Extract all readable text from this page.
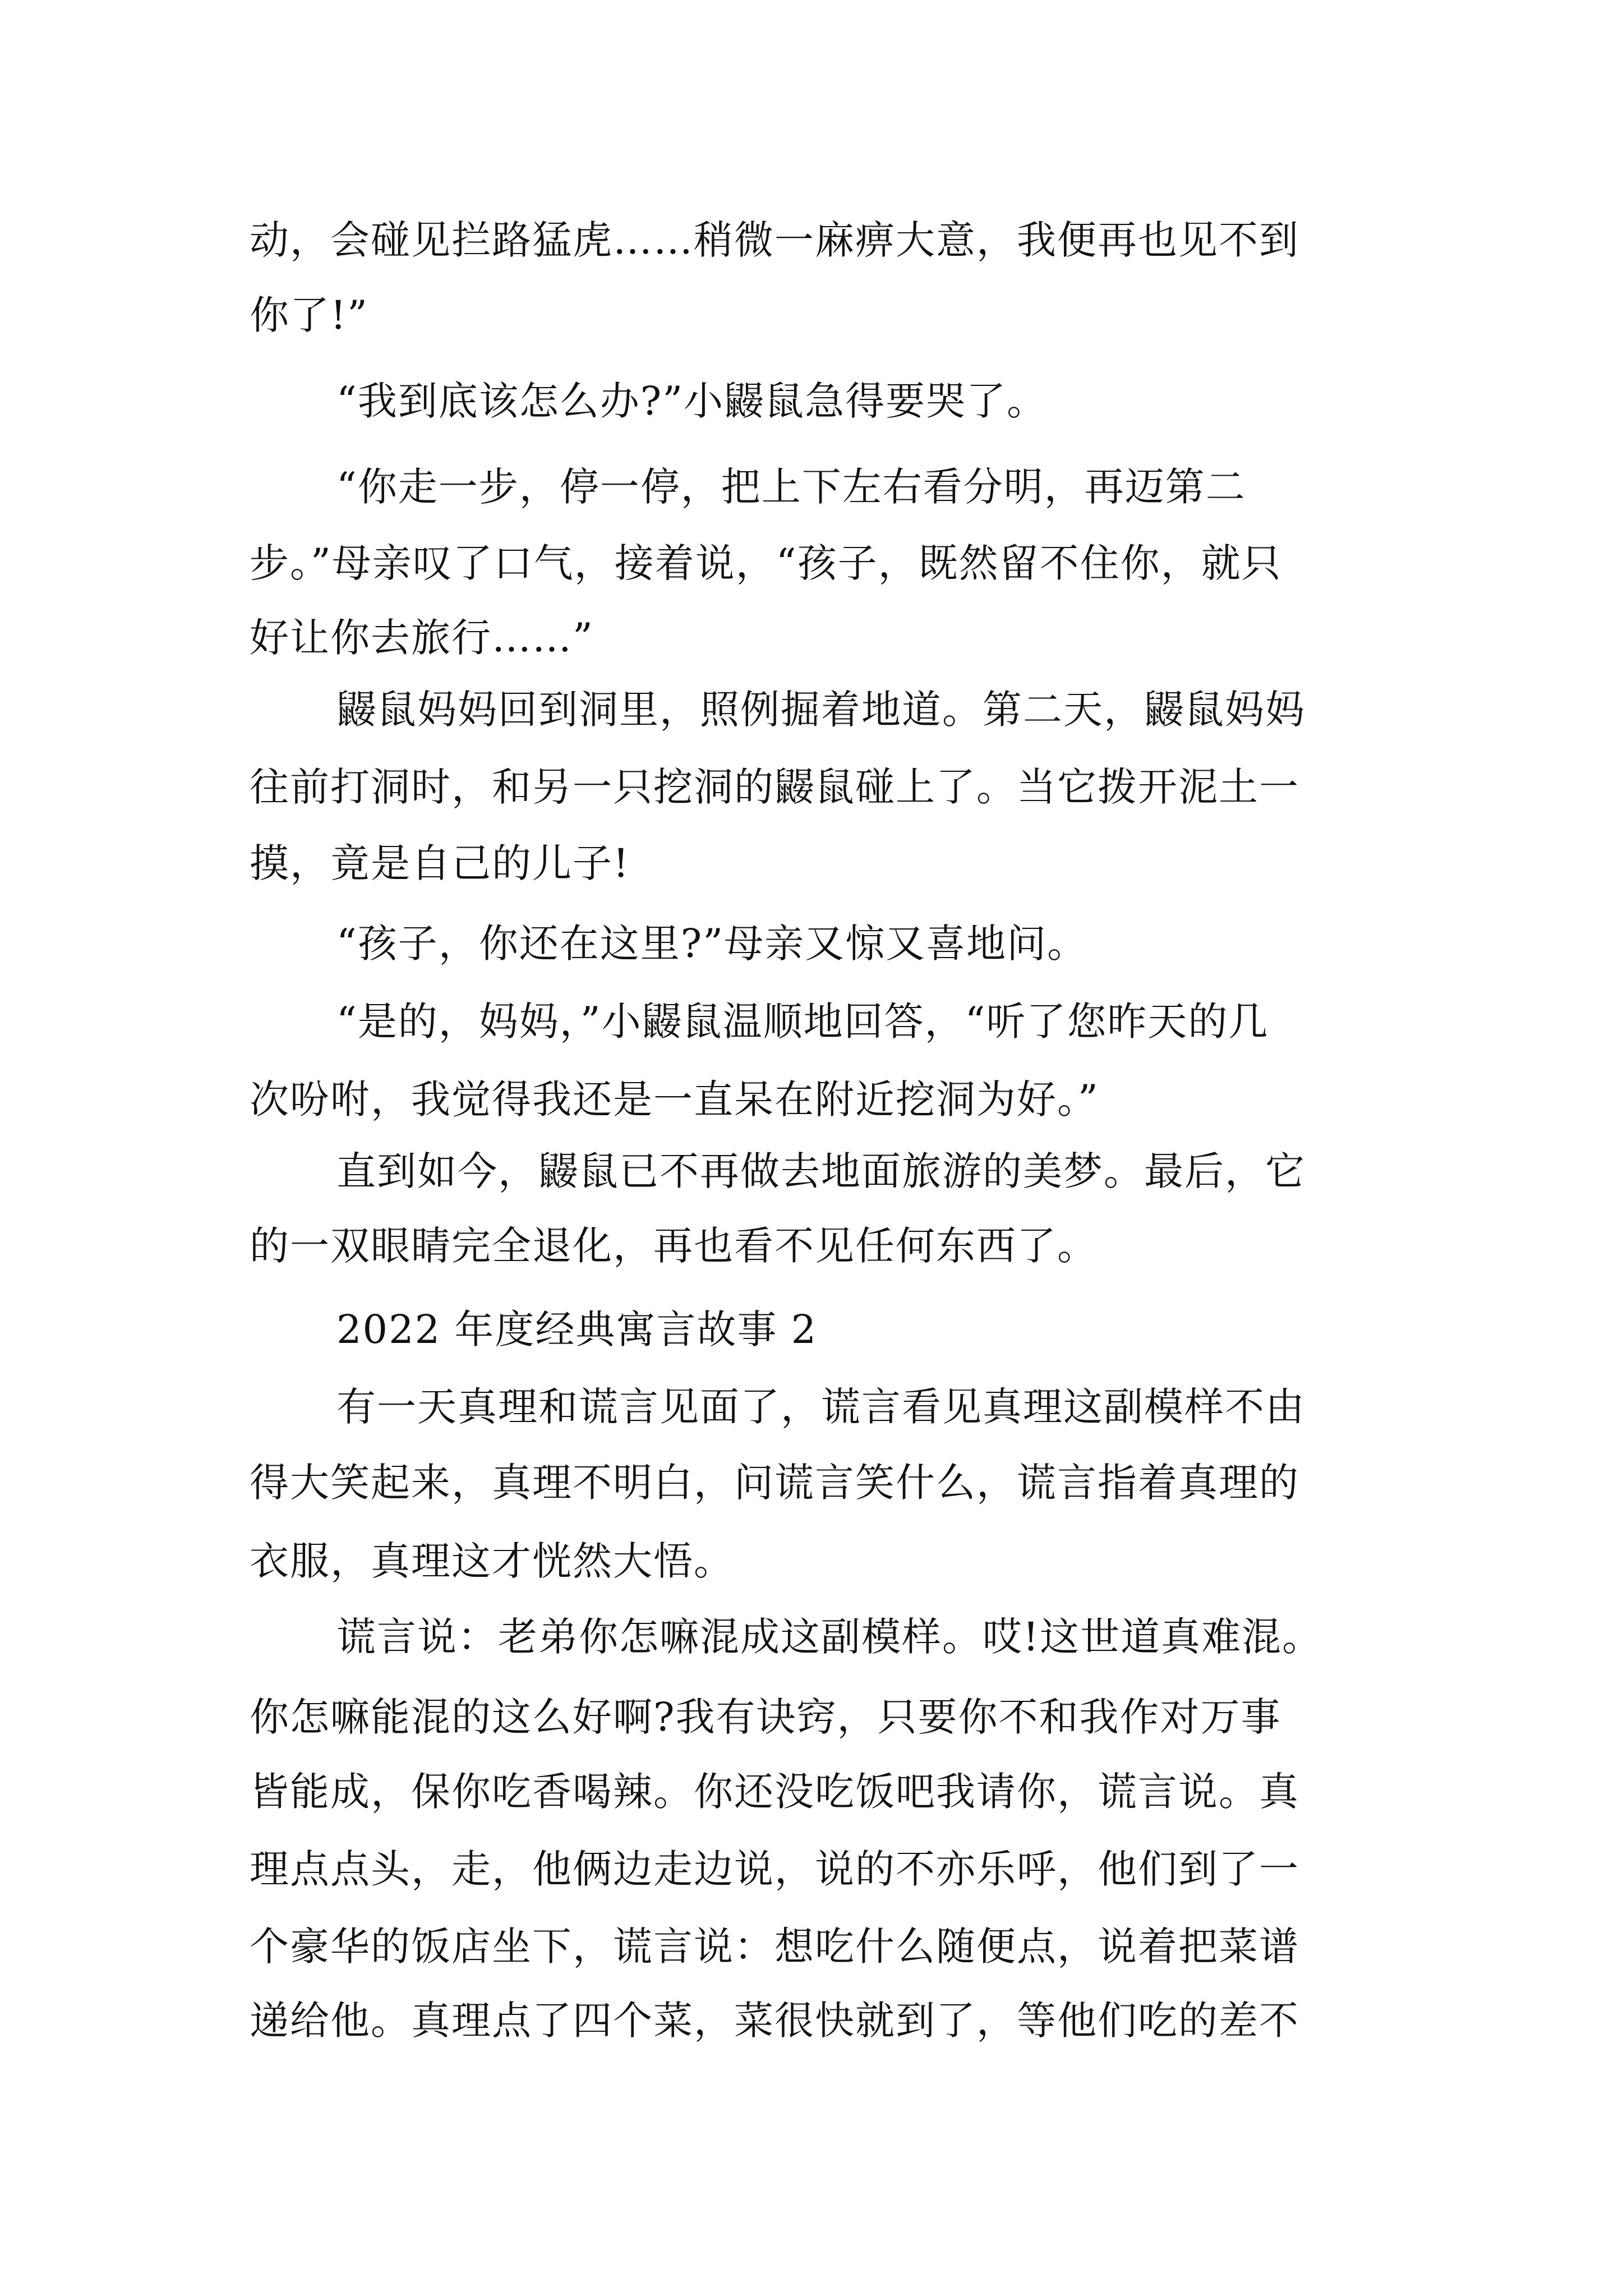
动，会碰见拦路猛虎……稍微一麻痹大意，我便再也见不到

你了!”

“我到底该怎么办?”小鼹鼠急得要哭了。

“你走一步，停一停，把上下左右看分明，再迈第二

步。”母亲叹了口气，接着说，“孩子，既然留不住你，就只

好让你去旅行……”

鼹鼠妈妈回到洞里，照例掘着地道。第二天，鼹鼠妈妈

往前打洞时，和另一只挖洞的鼹鼠碰上了。当它拨开泥土一

摸，竟是自己的儿子!

“孩子，你还在这里?”母亲又惊又喜地问。

“是的，妈妈，”小鼹鼠温顺地回答，“听了您昨天的几

次吩咐，我觉得我还是一直呆在附近挖洞为好。”

直到如今，鼹鼠已不再做去地面旅游的美梦。最后，它

的一双眼睛完全退化，再也看不见任何东西了。

2022 年度经典寓言故事 2

有一天真理和谎言见面了，谎言看见真理这副模样不由

得大笑起来，真理不明白，问谎言笑什么，谎言指着真理的

衣服，真理这才恍然大悟。

谎言说：老弟你怎嘛混成这副模样。哎!这世道真难混。

你怎嘛能混的这么好啊?我有诀窍，只要你不和我作对万事

皆能成，保你吃香喝辣。你还没吃饭吧我请你，谎言说。真

理点点头，走，他俩边走边说，说的不亦乐呼，他们到了一

个豪华的饭店坐下，谎言说：想吃什么随便点，说着把菜谱

递给他。真理点了四个菜，菜很快就到了，等他们吃的差不
